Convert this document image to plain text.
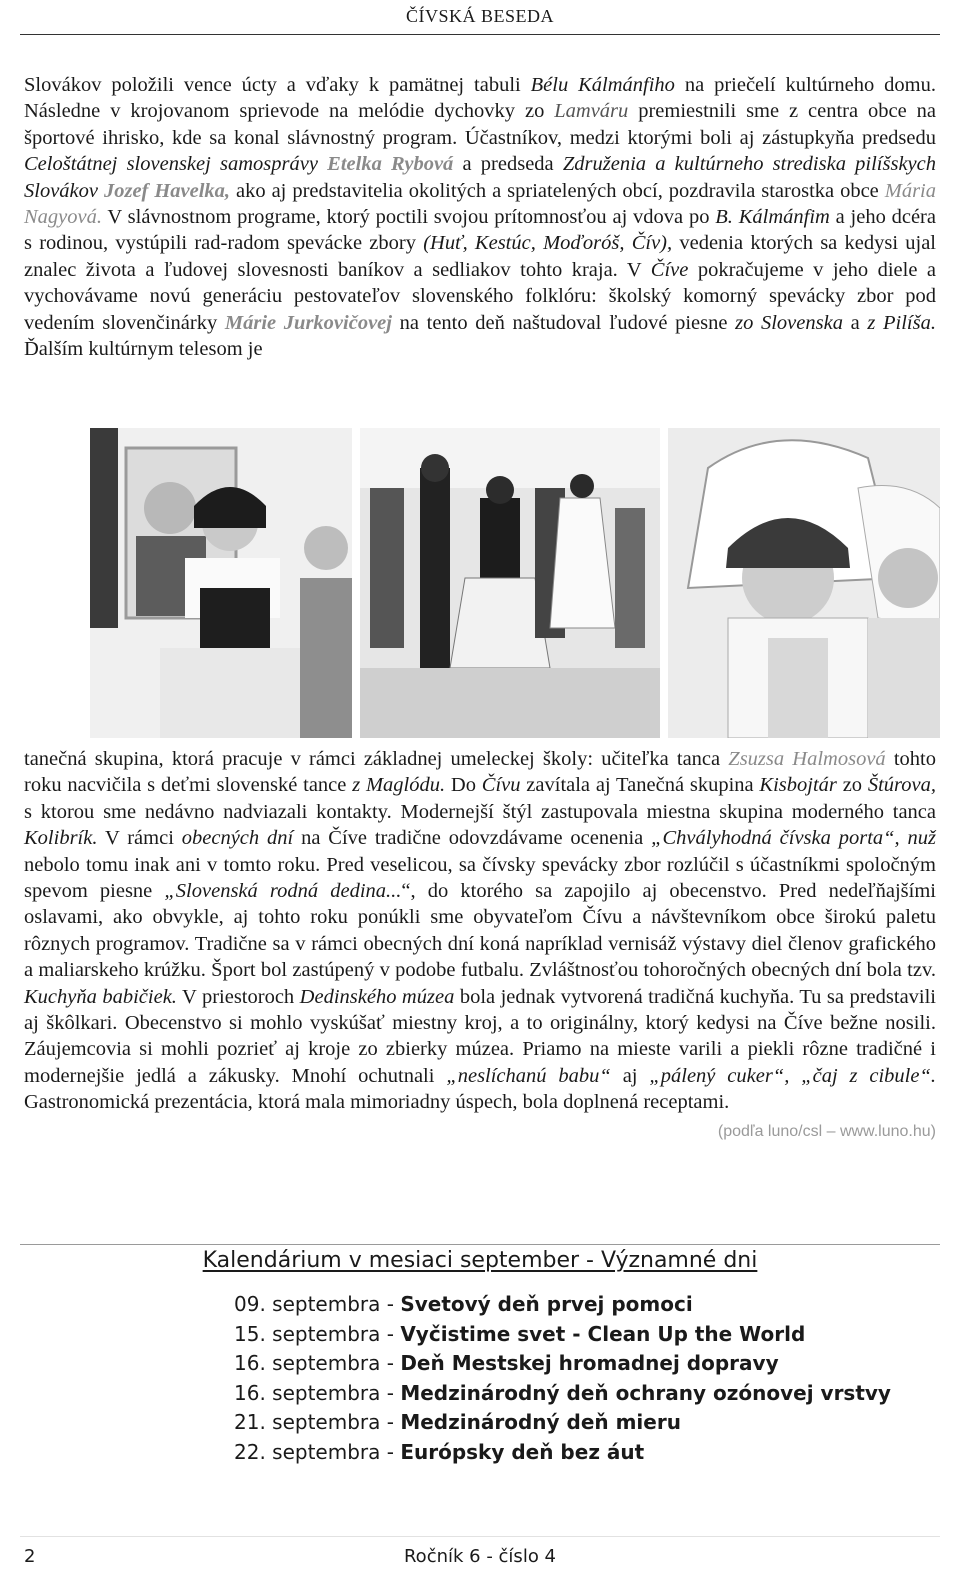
ČÍVSKÁ BESEDA

Slovákov položili vence úcty a vďaky k pamätnej tabuli Bélu Kálmánfiho na priečelí kultúrneho domu. Následne v krojovanom sprievode na melódie dychovky zo Lamváru premiestnili sme z centra obce na športové ihrisko, kde sa konal slávnostný program. Účastníkov, medzi ktorými boli aj zástupkyňa predsedu Celoštátnej slovenskej samosprávy Etelka Rybová a predseda Združenia a kultúrneho strediska pilíšskych Slovákov Jozef Havelka, ako aj predstavitelia okolitých a spriatelených obcí, pozdravila starostka obce Mária Nagyová. V slávnostnom programe, ktorý poctili svojou prítomnosťou aj vdova po B. Kálmánfim a jeho dcéra s rodinou, vystúpili rad-radom spevácke zbory (Huť, Kestúc, Moďoróš, Čív), vedenia ktorých sa kedysi ujal znalec života a ľudovej slovesnosti baníkov a sedliakov tohto kraja. V Číve pokračujeme v jeho diele a vychovávame novú generáciu pestovateľov slovenského folklóru: školský komorný spevácky zbor pod vedením slovenčinárky Márie Jurkovičovej na tento deň naštudoval ľudové piesne zo Slovenska a z Pilíša. Ďalším kultúrnym telesom je

tanečná skupina, ktorá pracuje v rámci základnej umeleckej školy: učiteľka tanca Zsuzsa Halmosová tohto roku nacvičila s deťmi slovenské tance z Maglódu. Do Čívu zavítala aj Tanečná skupina Kisbojtár zo Štúrova, s ktorou sme nedávno nadviazali kontakty. Modernejší štýl zastupovala miestna skupina moderného tanca Kolibrík. V rámci obecných dní na Číve tradične odovzdávame ocenenia „Chvályhodná čívska porta“, nuž nebolo tomu inak ani v tomto roku. Pred veselicou, sa čívsky spevácky zbor rozlúčil s účastníkmi spoločným spevom piesne „Slovenská rodná dedina...“, do ktorého sa zapojilo aj obecenstvo. Pred nedeľňajšími oslavami, ako obvykle, aj tohto roku ponúkli sme obyvateľom Čívu a návštevníkom obce širokú paletu rôznych programov. Tradične sa v rámci obecných dní koná napríklad vernisáž výstavy diel členov grafického a maliarskeho krúžku. Šport bol zastúpený v podobe futbalu. Zvláštnosťou tohoročných obecných dní bola tzv. Kuchyňa babičiek. V priestoroch Dedinského múzea bola jednak vytvorená tradičná kuchyňa. Tu sa predstavili aj škôlkari. Obecenstvo si mohlo vyskúšať miestny kroj, a to originálny, ktorý kedysi na Číve bežne nosili. Záujemcovia si mohli pozrieť aj kroje zo zbierky múzea. Priamo na mieste varili a piekli rôzne tradičné i modernejšie jedlá a zákusky. Mnohí ochutnali „neslíchanú babu“ aj „pálený cuker“, „čaj z cibule“. Gastronomická prezentácia, ktorá mala mimoriadny úspech, bola doplnená receptami.
(podľa luno/csl – www.luno.hu)

Kalendárium v mesiaci september - Významné dni
09. septembra - Svetový deň prvej pomoci
15. septembra - Vyčistime svet - Clean Up the World
16. septembra - Deň Mestskej hromadnej dopravy
16. septembra - Medzinárodný deň ochrany ozónovej vrstvy
21. septembra - Medzinárodný deň mieru
22. septembra - Európsky deň bez áut
2	Ročník 6 - číslo 4
